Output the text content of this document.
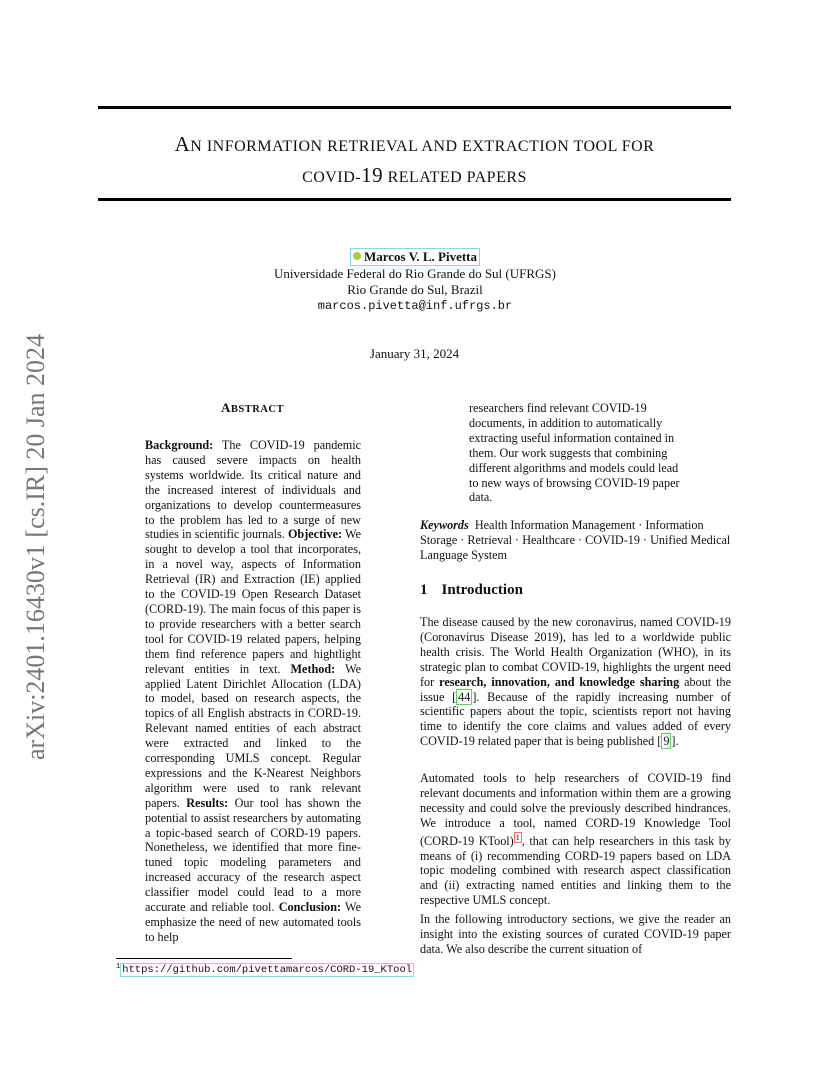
AN INFORMATION RETRIEVAL AND EXTRACTION TOOL FOR
COVID-19 RELATED PAPERS
Marcos V. L. Pivetta
Universidade Federal do Rio Grande do Sul (UFRGS)
Rio Grande do Sul, Brazil
marcos.pivetta@inf.ufrgs.br
January 31, 2024
arXiv:2401.16430v1 [cs.IR] 20 Jan 2024	ABSTRACT

Background: The COVID-19 pandemic has caused severe impacts on health systems worldwide. Its critical nature and the increased interest of individuals and organizations to develop countermeasures to the problem has led to a surge of new studies in scientific journals. Objective: We sought to develop a tool that incorporates, in a novel way, aspects of Information Retrieval (IR) and Extraction (IE) applied to the COVID-19 Open Research Dataset (CORD-19). The main focus of this paper is to provide researchers with a better search tool for COVID-19 related papers, helping them find reference papers and hightlight relevant entities in text. Method: We applied Latent Dirichlet Allocation (LDA) to model, based on research aspects, the topics of all English abstracts in CORD-19. Relevant named entities of each abstract were extracted and linked to the corresponding UMLS concept. Regular expressions and the K-Nearest Neighbors algorithm were used to rank relevant papers. Results: Our tool has shown the potential to assist researchers by automating a topic-based search of CORD-19 papers. Nonetheless, we identified that more fine-tuned topic modeling parameters and increased accuracy of the research aspect classifier model could lead to a more accurate and reliable tool. Conclusion: We emphasize the need of new automated tools to help

researchers find relevant COVID-19 documents, in addition to automatically extracting useful information contained in them. Our work suggests that combining different algorithms and models could lead to new ways of browsing COVID-19 paper data.
Keywords Health Information Management · Information Storage · Retrieval · Healthcare · COVID-19 · Unified Medical Language System
1 Introduction
The disease caused by the new coronavirus, named COVID-19 (Coronavirus Disease 2019), has led to a worldwide public health crisis. The World Health Organization (WHO), in its strategic plan to combat COVID-19, highlights the urgent need for research, innovation, and knowledge sharing about the issue [ 44 ]. Because of the rapidly increasing number of scientific papers about the topic, scientists report not having time to identify the core claims and values added of every COVID-19 related paper that is being published [ 9 ].
Automated tools to help researchers of COVID-19 find relevant documents and information within them are a growing necessity and could solve the previously described hindrances. We introduce a tool, named CORD-19 Knowledge Tool (CORD-19 KTool) $^1$ , that can help researchers in this task by means of (i) recommending CORD-19 papers based on LDA topic modeling combined with research aspect classification and (ii) extracting named entities and linking them to the respective UMLS concept.
In the following introductory sections, we give the reader an insight into the existing sources of curated COVID-19 paper data. We also describe the current situation of
$^1$ https://github.com/pivettamarcos/CORD-19_KTool
